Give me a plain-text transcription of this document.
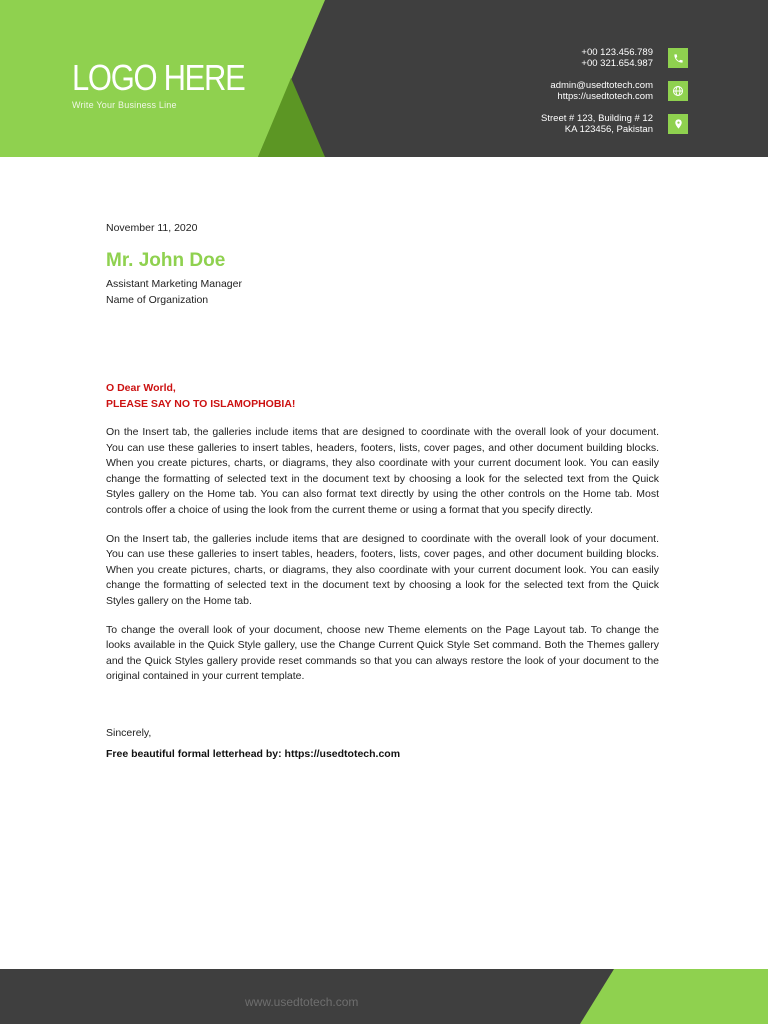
LOGO HERE
Write Your Business Line
+00 123.456.789
+00 321.654.987
admin@usedtotech.com
https://usedtotech.com
Street # 123, Building # 12
KA 123456, Pakistan
November 11, 2020
Mr. John Doe
Assistant Marketing Manager
Name of Organization
O Dear World,
PLEASE SAY NO TO ISLAMOPHOBIA!

On the Insert tab, the galleries include items that are designed to coordinate with the overall look of your document. You can use these galleries to insert tables, headers, footers, lists, cover pages, and other document building blocks. When you create pictures, charts, or diagrams, they also coordinate with your current document look. You can easily change the formatting of selected text in the document text by choosing a look for the selected text from the Quick Styles gallery on the Home tab. You can also format text directly by using the other controls on the Home tab. Most controls offer a choice of using the look from the current theme or using a format that you specify directly.

On the Insert tab, the galleries include items that are designed to coordinate with the overall look of your document. You can use these galleries to insert tables, headers, footers, lists, cover pages, and other document building blocks. When you create pictures, charts, or diagrams, they also coordinate with your current document look. You can easily change the formatting of selected text in the document text by choosing a look for the selected text from the Quick Styles gallery on the Home tab.

To change the overall look of your document, choose new Theme elements on the Page Layout tab. To change the looks available in the Quick Style gallery, use the Change Current Quick Style Set command. Both the Themes gallery and the Quick Styles gallery provide reset commands so that you can always restore the look of your document to the original contained in your current template.

Sincerely,
Free beautiful formal letterhead by: https://usedtotech.com
www.usedtotech.com
